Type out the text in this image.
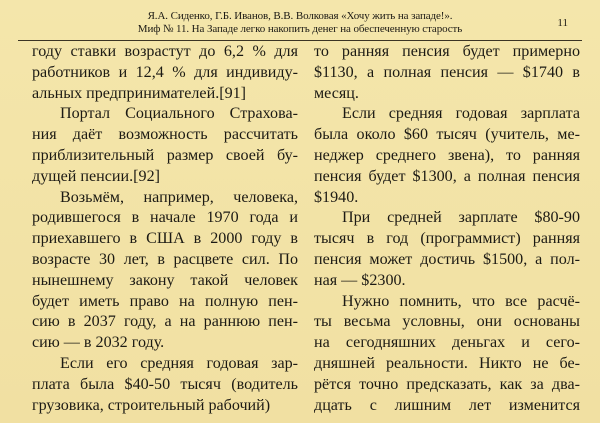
Я.А. Сиденко, Г.Б. Иванов, В.В. Волковая «Хочу жить на западе!».
Миф № 11. На Западе легко накопить денег на обеспеченную старость	11
году ставки возрастут до 6,2 % для
работников и 12,4 % для индивиду-
альных предпринимателей.[91]
Портал Социального Страхова-
ния даёт возможность рассчитать
приблизительный размер своей бу-
дущей пенсии.[92]
Возьмём, например, человека,
родившегося в начале 1970 года и
приехавшего в США в 2000 году в
возрасте 30 лет, в расцвете сил. По
нынешнему закону такой человек
будет иметь право на полную пен-
сию в 2037 году, а на раннюю пен-
сию — в 2032 году.
Если его средняя годовая зар-
плата была $40-50 тысяч (водитель
грузовика, строительный рабочий)
то ранняя пенсия будет примерно
$1130, а полная пенсия — $1740 в
месяц.
Если средняя годовая зарплата
была около $60 тысяч (учитель, ме-
неджер среднего звена), то ранняя
пенсия будет $1300, а полная пенсия
$1940.
При средней зарплате $80-90
тысяч в год (программист) ранняя
пенсия может достичь $1500, а пол-
ная — $2300.
Нужно помнить, что все расчё-
ты весьма условны, они основаны
на сегодняшних деньгах и сего-
дняшней реальности. Никто не бе-
рётся точно предсказать, как за два-
дцать с лишним лет изменится
